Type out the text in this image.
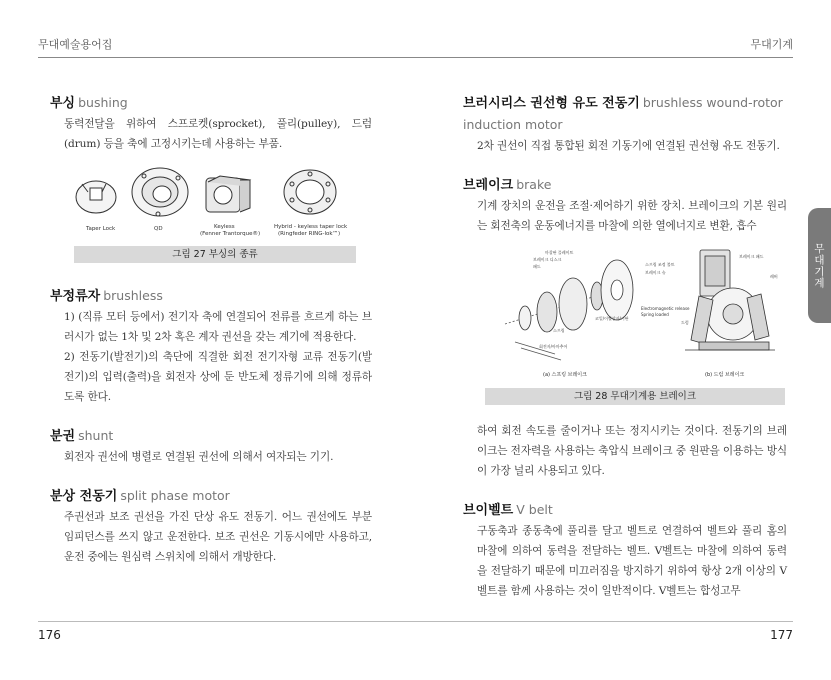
무대예술용어집	무대기계
부싱 bushing
동력전달을 위하여 스프로켓(sprocket), 풀리(pulley), 드럼(drum) 등을 축에 고정시키는데 사용하는 부품.
Taper Lock	QD	Keyless
(Fenner Trantorque®)
Hybrid - keyless taper lock
(Ringfeder RING-lok™)
그림 27 부싱의 종류
부정류자 brushless
1) (직류 모터 등에서) 전기자 축에 연결되어 전류를 흐르게 하는 브러시가 없는 1차 및 2차 혹은 계자 권선을 갖는 계기에 적용한다.
2) 전동기(발전기)의 축단에 직결한 회전 전기자형 교류 전동기(발전기)의 입력(출력)을 회전자 상에 둔 반도체 정류기에 의해 정류하도록 한다.
분권 shunt
회전자 권선에 병렬로 연결된 권선에 의해서 여자되는 기기.
분상 전동기 split phase motor
주권선과 보조 권선을 가진 단상 유도 전동기. 어느 권선에도 부분 임피던스를 쓰지 않고 운전한다. 보조 권선은 기동시에만 사용하고, 운전 중에는 원심력 스위치에 의해서 개방한다.
브러시리스 권선형 유도 전동기 brushless wound-rotor induction motor
2차 권선이 직접 통합된 회전 기동기에 연결된 권선형 유도 전동기.
브레이크 brake
기계 장치의 운전을 조절·제어하기 위한 장치. 브레이크의 기본 원리는 회전축의 운동에너지를 마찰에 의한 열에너지로 변환, 흡수
마찰판 플레이트
브레이크 디스크
패드
스프링
코일/이빨상자/기판
회전자/아마추어
스프링 조정 볼트
브레이크 슈
브레이크 패드
Electromagnetic release
Spring loaded
드럼
레버
(a) 스프링 브레이크	(b) 드럼 브레이크
그림 28 무대기계용 브레이크
하여 회전 속도를 줄이거나 또는 정지시키는 것이다. 전동기의 브레이크는 전자력을 사용하는 축압식 브레이크 중 원판을 이용하는 방식이 가장 널리 사용되고 있다.
브이벨트 V belt
구동축과 종동축에 풀리를 달고 벨트로 연결하여 벨트와 풀리 홈의 마찰에 의하여 동력을 전달하는 벨트. V벨트는 마찰에 의하여 동력을 전달하기 때문에 미끄러짐을 방지하기 위하여 항상 2개 이상의 V벨트를 함께 사용하는 것이 일반적이다. V벨트는 합성고무
무대기계
176	177
